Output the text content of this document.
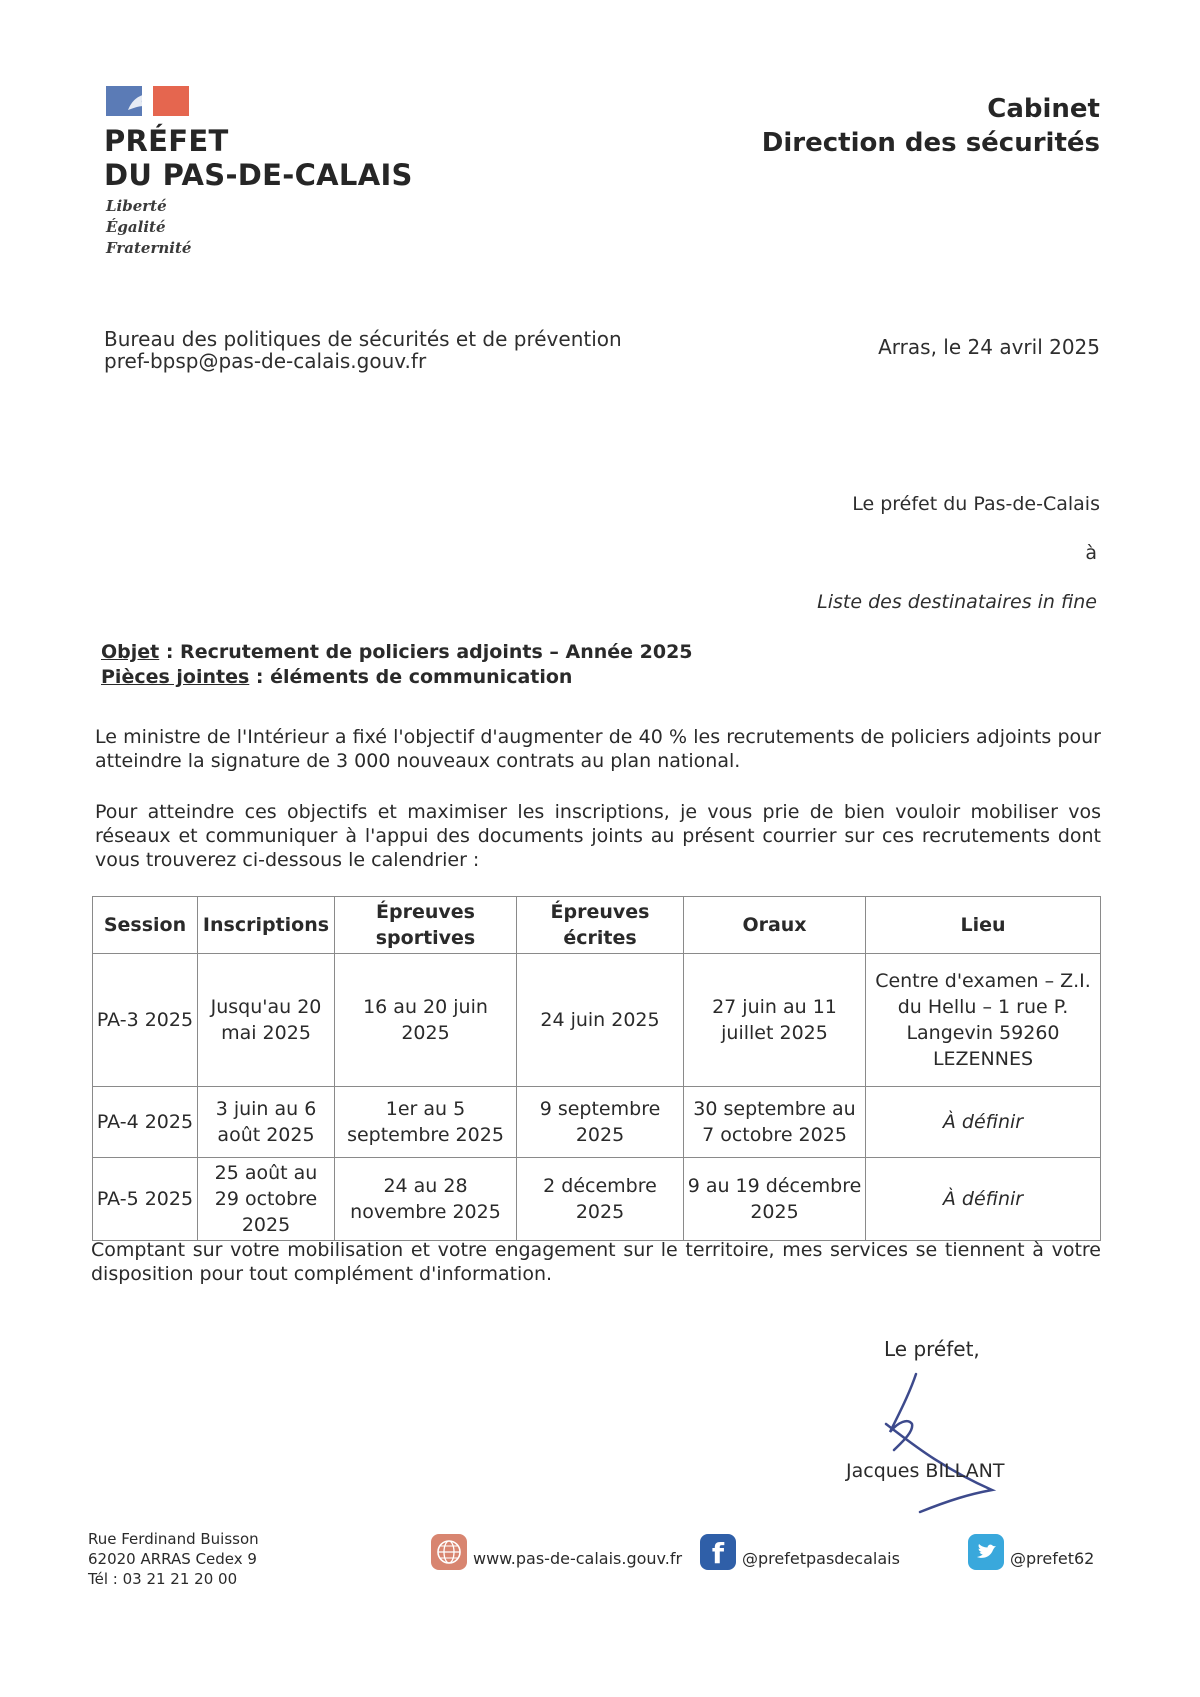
PRÉFET
DU PAS-DE-CALAIS
Liberté
Égalité
Fraternité
Cabinet
Direction des sécurités
Bureau des politiques de sécurités et de prévention
pref-bpsp@pas-de-calais.gouv.fr
Arras, le 24 avril 2025
Le préfet du Pas-de-Calais
à
Liste des destinataires in fine
Objet : Recrutement de policiers adjoints – Année 2025
Pièces jointes : éléments de communication
Le ministre de l'Intérieur a fixé l'objectif d'augmenter de 40 % les recrutements de policiers adjoints pour atteindre la signature de 3 000 nouveaux contrats au plan national.
Pour atteindre ces objectifs et maximiser les inscriptions, je vous prie de bien vouloir mobiliser vos réseaux et communiquer à l'appui des documents joints au présent courrier sur ces recrutements dont vous trouverez ci-dessous le calendrier :
Session	Inscriptions	Épreuves sportives	Épreuves écrites	Oraux	Lieu
PA-3 2025	Jusqu'au 20 mai 2025	16 au 20 juin 2025	24 juin 2025	27 juin au 11 juillet 2025	Centre d'examen – Z.I. du Hellu – 1 rue P. Langevin 59260 LEZENNES
PA-4 2025	3 juin au 6 août 2025	1er au 5 septembre 2025	9 septembre 2025	30 septembre au 7 octobre 2025	À définir
PA-5 2025	25 août au 29 octobre 2025	24 au 28 novembre 2025	2 décembre 2025	9 au 19 décembre 2025	À définir
Comptant sur votre mobilisation et votre engagement sur le territoire, mes services se tiennent à votre disposition pour tout complément d'information.
Le préfet,
Jacques BILLANT
Rue Ferdinand Buisson
62020 ARRAS Cedex 9
Tél : 03 21 21 20 00
www.pas-de-calais.gouv.fr	f	@prefetpasdecalais	@prefet62
